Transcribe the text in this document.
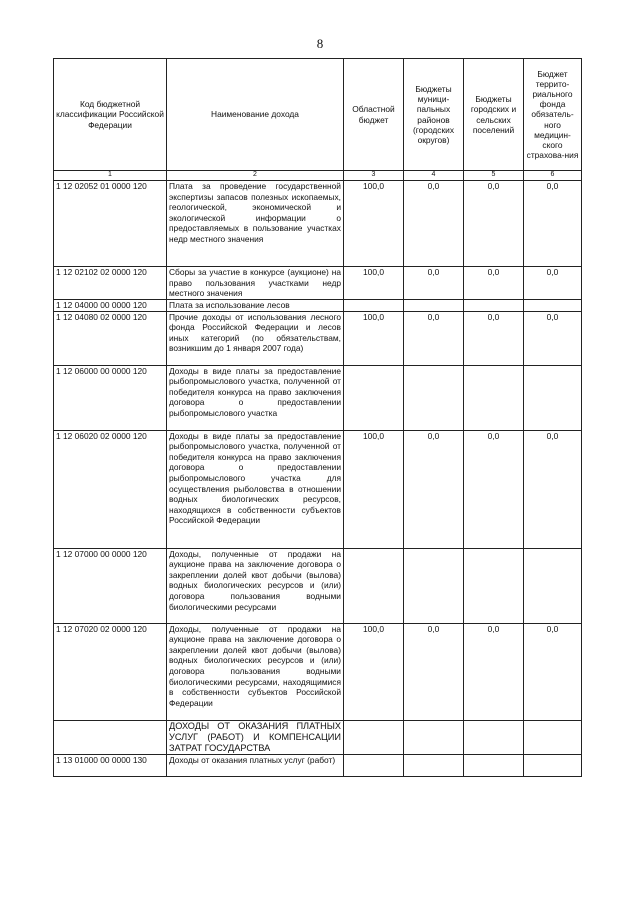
8
Код бюджетной классификации Российской Федерации	Наименование дохода	Областной бюджет	Бюджеты муници-пальных районов (городских округов)	Бюджеты городских и сельских поселений	Бюджет террито-риального фонда обязатель-ного медицин-ского страхова-ния
1	2	3	4	5	6
1 12 02052 01 0000 120	Плата за проведение государственной экспертизы запасов полезных ископаемых, геологической, экономической и экологической информации о предоставляемых в пользование участках недр местного значения	100,0	0,0	0,0	0,0
1 12 02102 02 0000 120	Сборы за участие в конкурсе (аукционе) на право пользования участками недр местного значения	100,0	0,0	0,0	0,0
1 12 04000 00 0000 120	Плата за использование лесов				
1 12 04080 02 0000 120	Прочие доходы от использования лесного фонда Российской Федерации и лесов иных категорий (по обязательствам, возникшим до 1 января 2007 года)	100,0	0,0	0,0	0,0
1 12 06000 00 0000 120	Доходы в виде платы за предоставление рыбопромыслового участка, полученной от победителя конкурса на право заключения договора о предоставлении рыбопромыслового участка				
1 12 06020 02 0000 120	Доходы в виде платы за предоставление рыбопромыслового участка, полученной от победителя конкурса на право заключения договора о предоставлении рыбопромыслового участка для осуществления рыболовства в отношении водных биологических ресурсов, находящихся в собственности субъектов Российской Федерации	100,0	0,0	0,0	0,0
1 12 07000 00 0000 120	Доходы, полученные от продажи на аукционе права на заключение договора о закреплении долей квот добычи (вылова) водных биологических ресурсов и (или) договора пользования водными биологическими ресурсами				
1 12 07020 02 0000 120	Доходы, полученные от продажи на аукционе права на заключение договора о закреплении долей квот добычи (вылова) водных биологических ресурсов и (или) договора пользования водными биологическими ресурсами, находящимися в собственности субъектов Российской Федерации	100,0	0,0	0,0	0,0
	ДОХОДЫ ОТ ОКАЗАНИЯ ПЛАТНЫХ УСЛУГ (РАБОТ) И КОМПЕНСАЦИИ ЗАТРАТ ГОСУДАРСТВА				
1 13 01000 00 0000 130	Доходы от оказания платных услуг (работ)				
